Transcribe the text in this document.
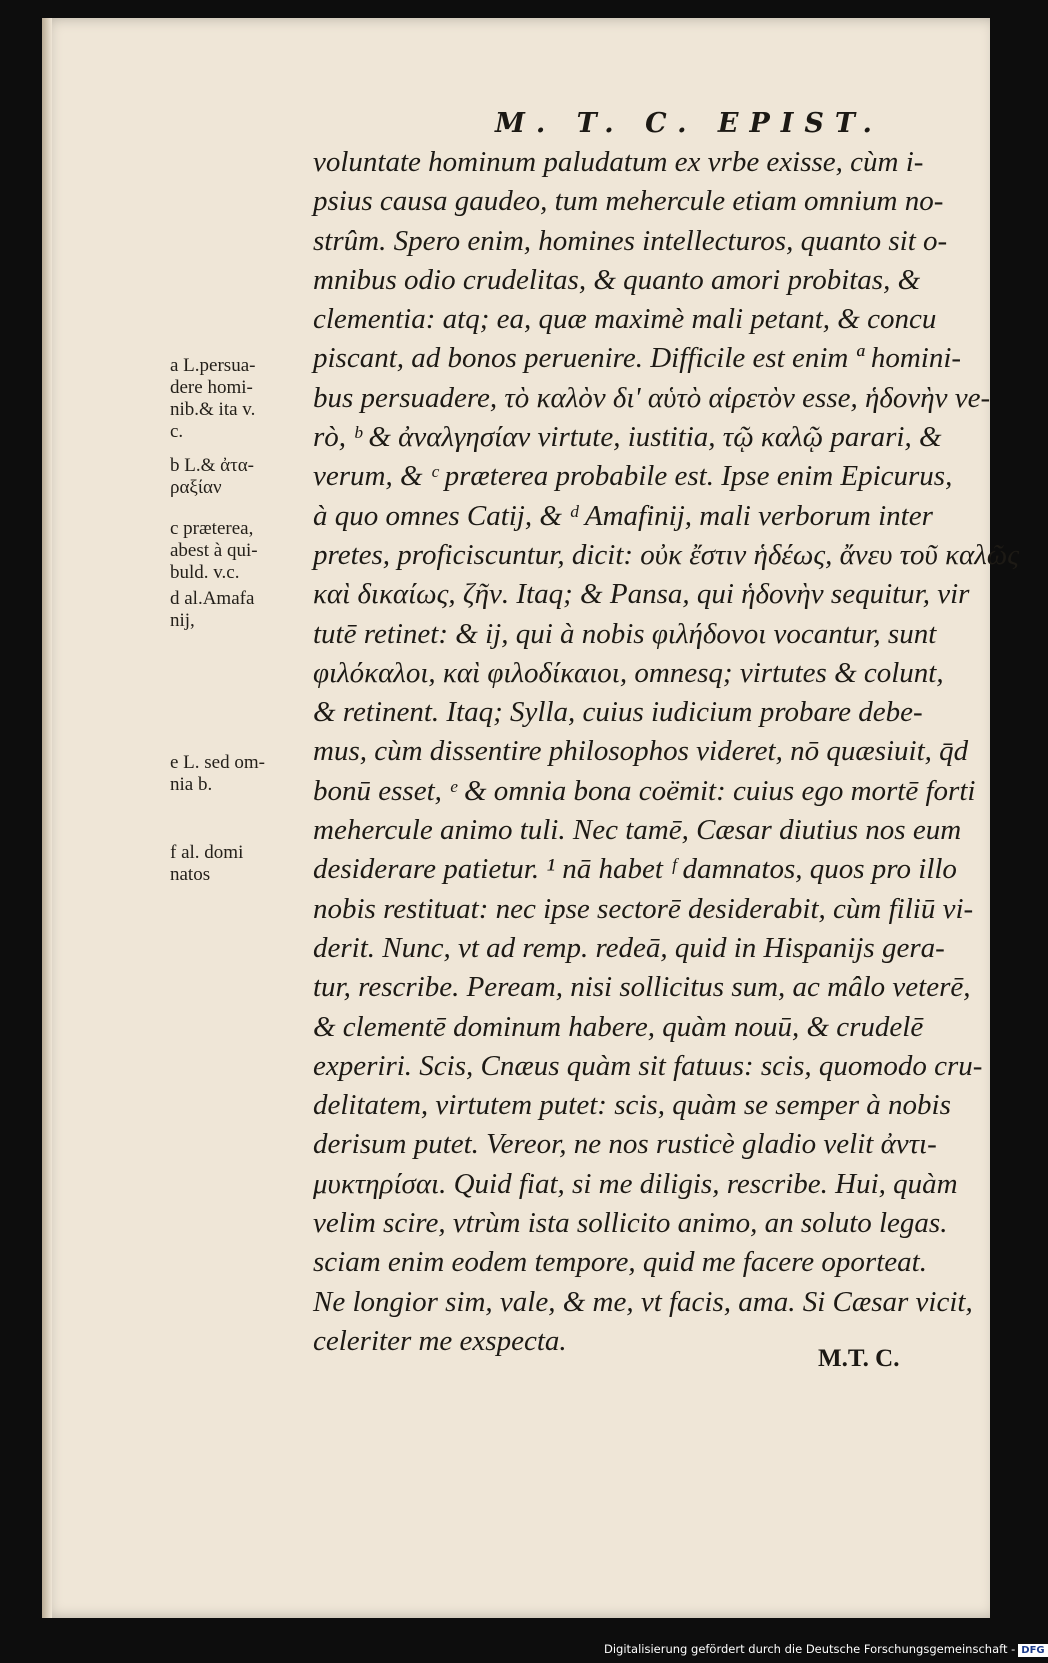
M. T. C. EPIST.
voluntate hominum paludatum ex vrbe exisse, cùm i-
psius causa gaudeo, tum mehercule etiam omnium no-
strûm. Spero enim, homines intellecturos, quanto sit o-
mnibus odio crudelitas, & quanto amori probitas, &
clementia: atq; ea, quæ maximè mali petant, & concu
piscant, ad bonos peruenire. Difficile est enim ª homini-
bus persuadere, τὸ καλὸν δι' αὑτὸ αἱρετὸν esse, ἡδονὴν ve-
rò, ᵇ & ἀναλγησίαν virtute, iustitia, τῷ καλῷ parari, &
verum, & ᶜ præterea probabile est. Ipse enim Epicurus,
à quo omnes Catij, & ᵈ Amafinij, mali verborum inter
pretes, proficiscuntur, dicit: οὐκ ἔστιν ἡδέως, ἄνευ τοῦ καλῶς
καὶ δικαίως, ζῆν. Itaq; & Pansa, qui ἡδονὴν sequitur, vir
tutē retinet: & ij, qui à nobis φιλήδονοι vocantur, sunt
φιλόκαλοι, καὶ φιλοδίκαιοι, omnesq; virtutes & colunt,
& retinent. Itaq; Sylla, cuius iudicium probare debe-
mus, cùm dissentire philosophos videret, nō quæsiuit, q̄d
bonū esset, ᵉ & omnia bona coëmit: cuius ego mortē forti
mehercule animo tuli. Nec tamē, Cæsar diutius nos eum
desiderare patietur. ¹ nā habet ᶠ damnatos, quos pro illo
nobis restituat: nec ipse sectorē desiderabit, cùm filiū vi-
derit. Nunc, vt ad remp. redeā, quid in Hispanijs gera-
tur, rescribe. Peream, nisi sollicitus sum, ac mâlo veterē,
& clementē dominum habere, quàm nouū, & crudelē
experiri. Scis, Cnæus quàm sit fatuus: scis, quomodo cru-
delitatem, virtutem putet: scis, quàm se semper à nobis
derisum putet. Vereor, ne nos rusticè gladio velit ἀντι-
μυκτηρίσαι. Quid fiat, si me diligis, rescribe. Hui, quàm
velim scire, vtrùm ista sollicito animo, an soluto legas.
sciam enim eodem tempore, quid me facere oporteat.
Ne longior sim, vale, & me, vt facis, ama. Si Cæsar vicit,
celeriter me exspecta.
a L.persua-
dere homi-
nib.& ita v.
c.
b L.& ἀτα-
ραξίαν
c præterea,
abest à qui-
buld. v.c.
d al.Amafa
nij,
e L. sed om-
nia b.
f al. domi
natos
M.T. C.
Digitalisierung gefördert durch die Deutsche Forschungsgemeinschaft - DFG
